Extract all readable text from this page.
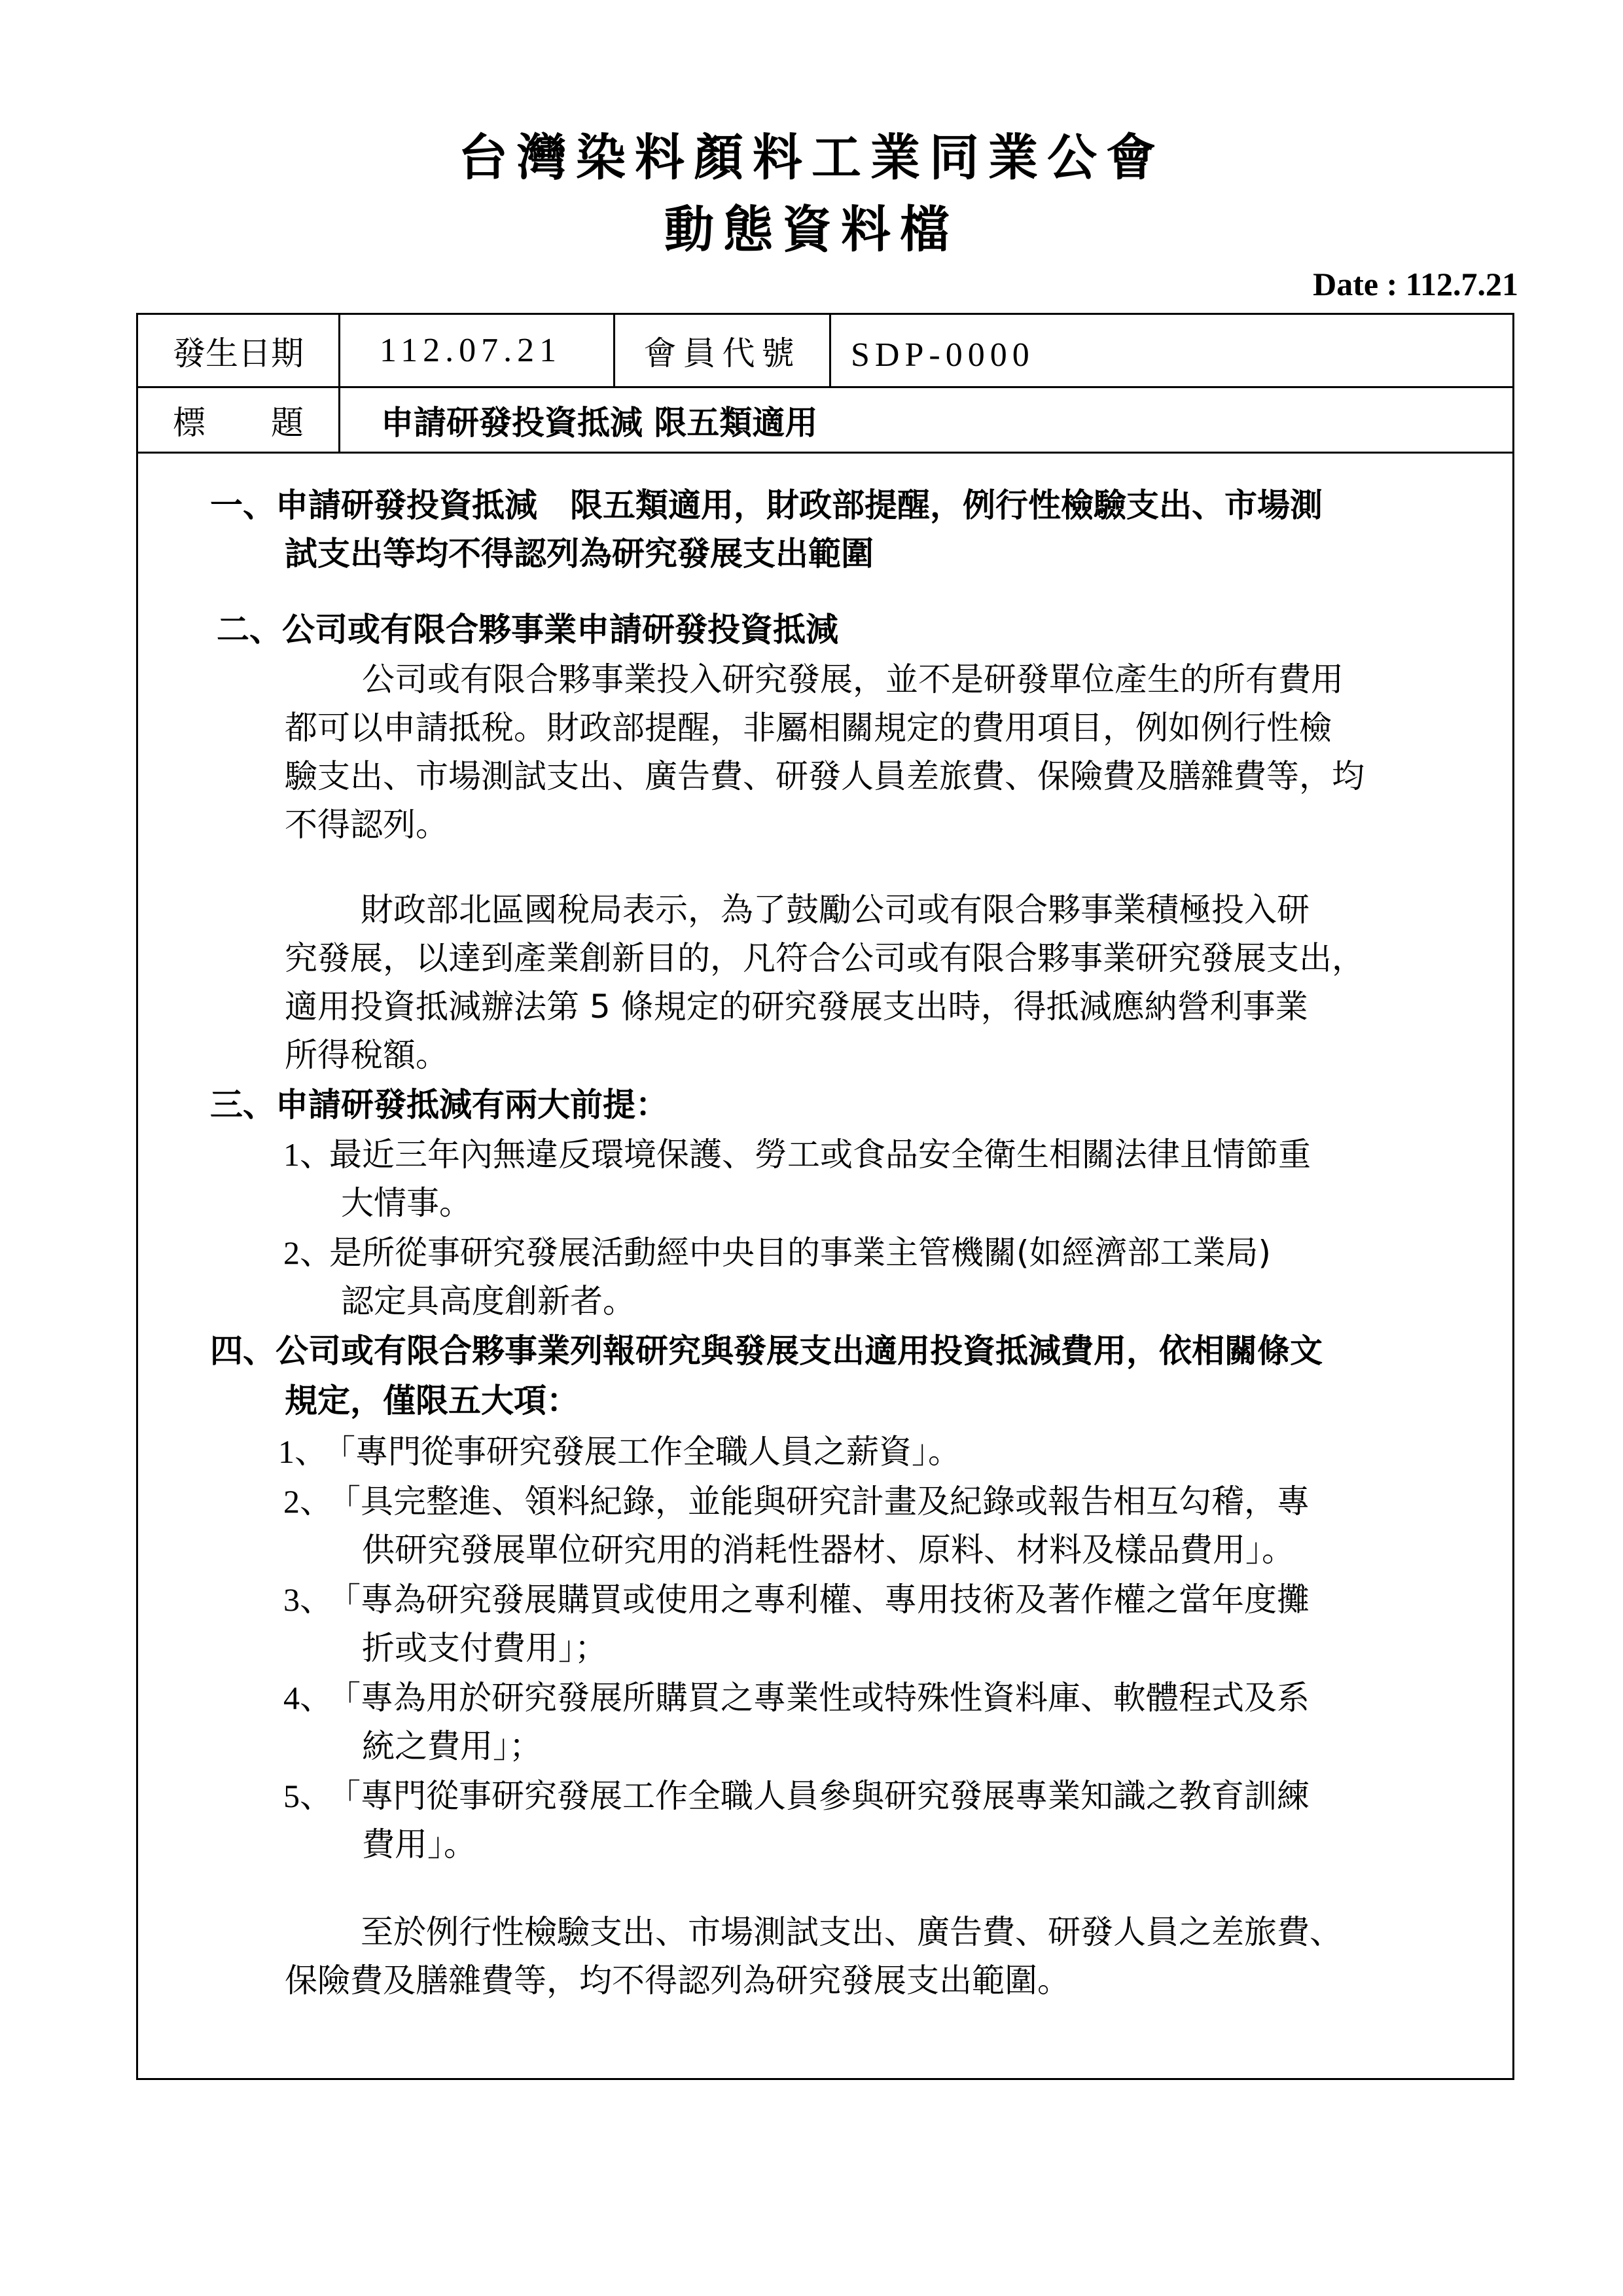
台灣染料顏料工業同業公會
動態資料檔
Date : 112.7.21
發生日期	112.07.21	會員代號	SDP-0000
標　　題	申請研發投資抵減 限五類適用
一、申請研發投資抵減　限五類適用，財政部提醒，例行性檢驗支出、市場測
試支出等均不得認列為研究發展支出範圍
二、公司或有限合夥事業申請研發投資抵減
公司或有限合夥事業投入研究發展，並不是研發單位產生的所有費用
都可以申請抵稅。財政部提醒，非屬相關規定的費用項目，例如例行性檢
驗支出、市場測試支出、廣告費、研發人員差旅費、保險費及膳雜費等，均
不得認列。
財政部北區國稅局表示，為了鼓勵公司或有限合夥事業積極投入研
究發展，以達到產業創新目的，凡符合公司或有限合夥事業研究發展支出，
適用投資抵減辦法第 5 條規定的研究發展支出時，得抵減應納營利事業
所得稅額。
三、申請研發抵減有兩大前提：
1、
最近三年內無違反環境保護、勞工或食品安全衛生相關法律且情節重
大情事。
2、
是所從事研究發展活動經中央目的事業主管機關(如經濟部工業局)
認定具高度創新者。
四、公司或有限合夥事業列報研究與發展支出適用投資抵減費用，依相關條文
規定，僅限五大項：
1、
「專門從事研究發展工作全職人員之薪資」。
2、
「具完整進、領料紀錄，並能與研究計畫及紀錄或報告相互勾稽，專
供研究發展單位研究用的消耗性器材、原料、材料及樣品費用」。
3、
「專為研究發展購買或使用之專利權、專用技術及著作權之當年度攤
折或支付費用」；
4、
「專為用於研究發展所購買之專業性或特殊性資料庫、軟體程式及系
統之費用」；
5、
「專門從事研究發展工作全職人員參與研究發展專業知識之教育訓練
費用」。
至於例行性檢驗支出、市場測試支出、廣告費、研發人員之差旅費、
保險費及膳雜費等，均不得認列為研究發展支出範圍。
